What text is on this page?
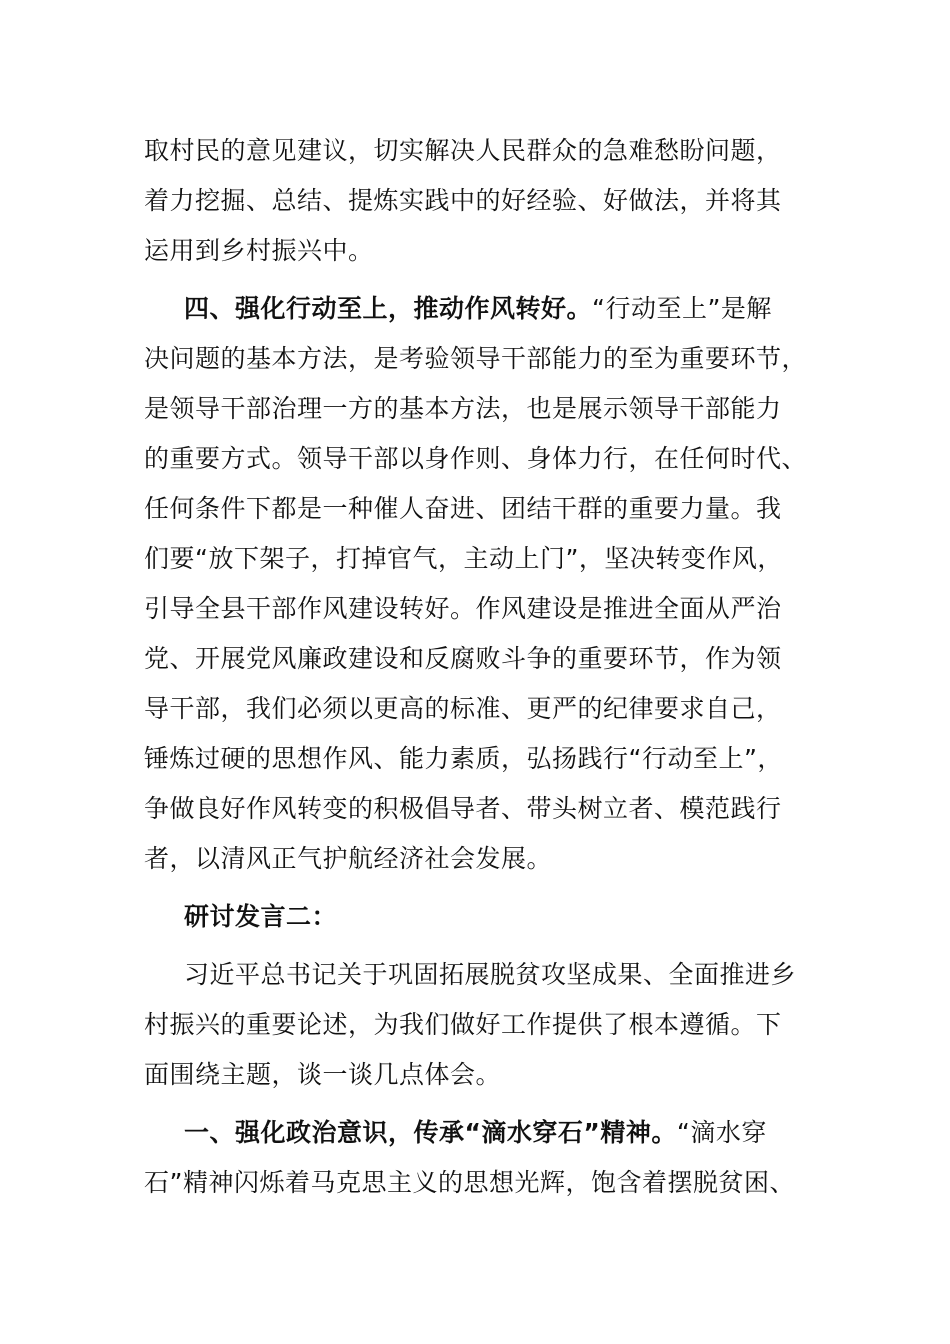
取村民的意见建议，切实解决人民群众的急难愁盼问题，
着力挖掘、总结、提炼实践中的好经验、好做法，并将其
运用到乡村振兴中。
四、强化行动至上，推动作风转好。“行动至上”是解
决问题的基本方法，是考验领导干部能力的至为重要环节，
是领导干部治理一方的基本方法，也是展示领导干部能力
的重要方式。领导干部以身作则、身体力行，在任何时代、
任何条件下都是一种催人奋进、团结干群的重要力量。我
们要“放下架子，打掉官气，主动上门”，坚决转变作风，
引导全县干部作风建设转好。作风建设是推进全面从严治
党、开展党风廉政建设和反腐败斗争的重要环节，作为领
导干部，我们必须以更高的标准、更严的纪律要求自己，
锤炼过硬的思想作风、能力素质，弘扬践行“行动至上”，
争做良好作风转变的积极倡导者、带头树立者、模范践行
者，以清风正气护航经济社会发展。
研讨发言二：
习近平总书记关于巩固拓展脱贫攻坚成果、全面推进乡
村振兴的重要论述，为我们做好工作提供了根本遵循。下
面围绕主题，谈一谈几点体会。
一、强化政治意识，传承“滴水穿石”精神。“滴水穿
石”精神闪烁着马克思主义的思想光辉，饱含着摆脱贫困、
